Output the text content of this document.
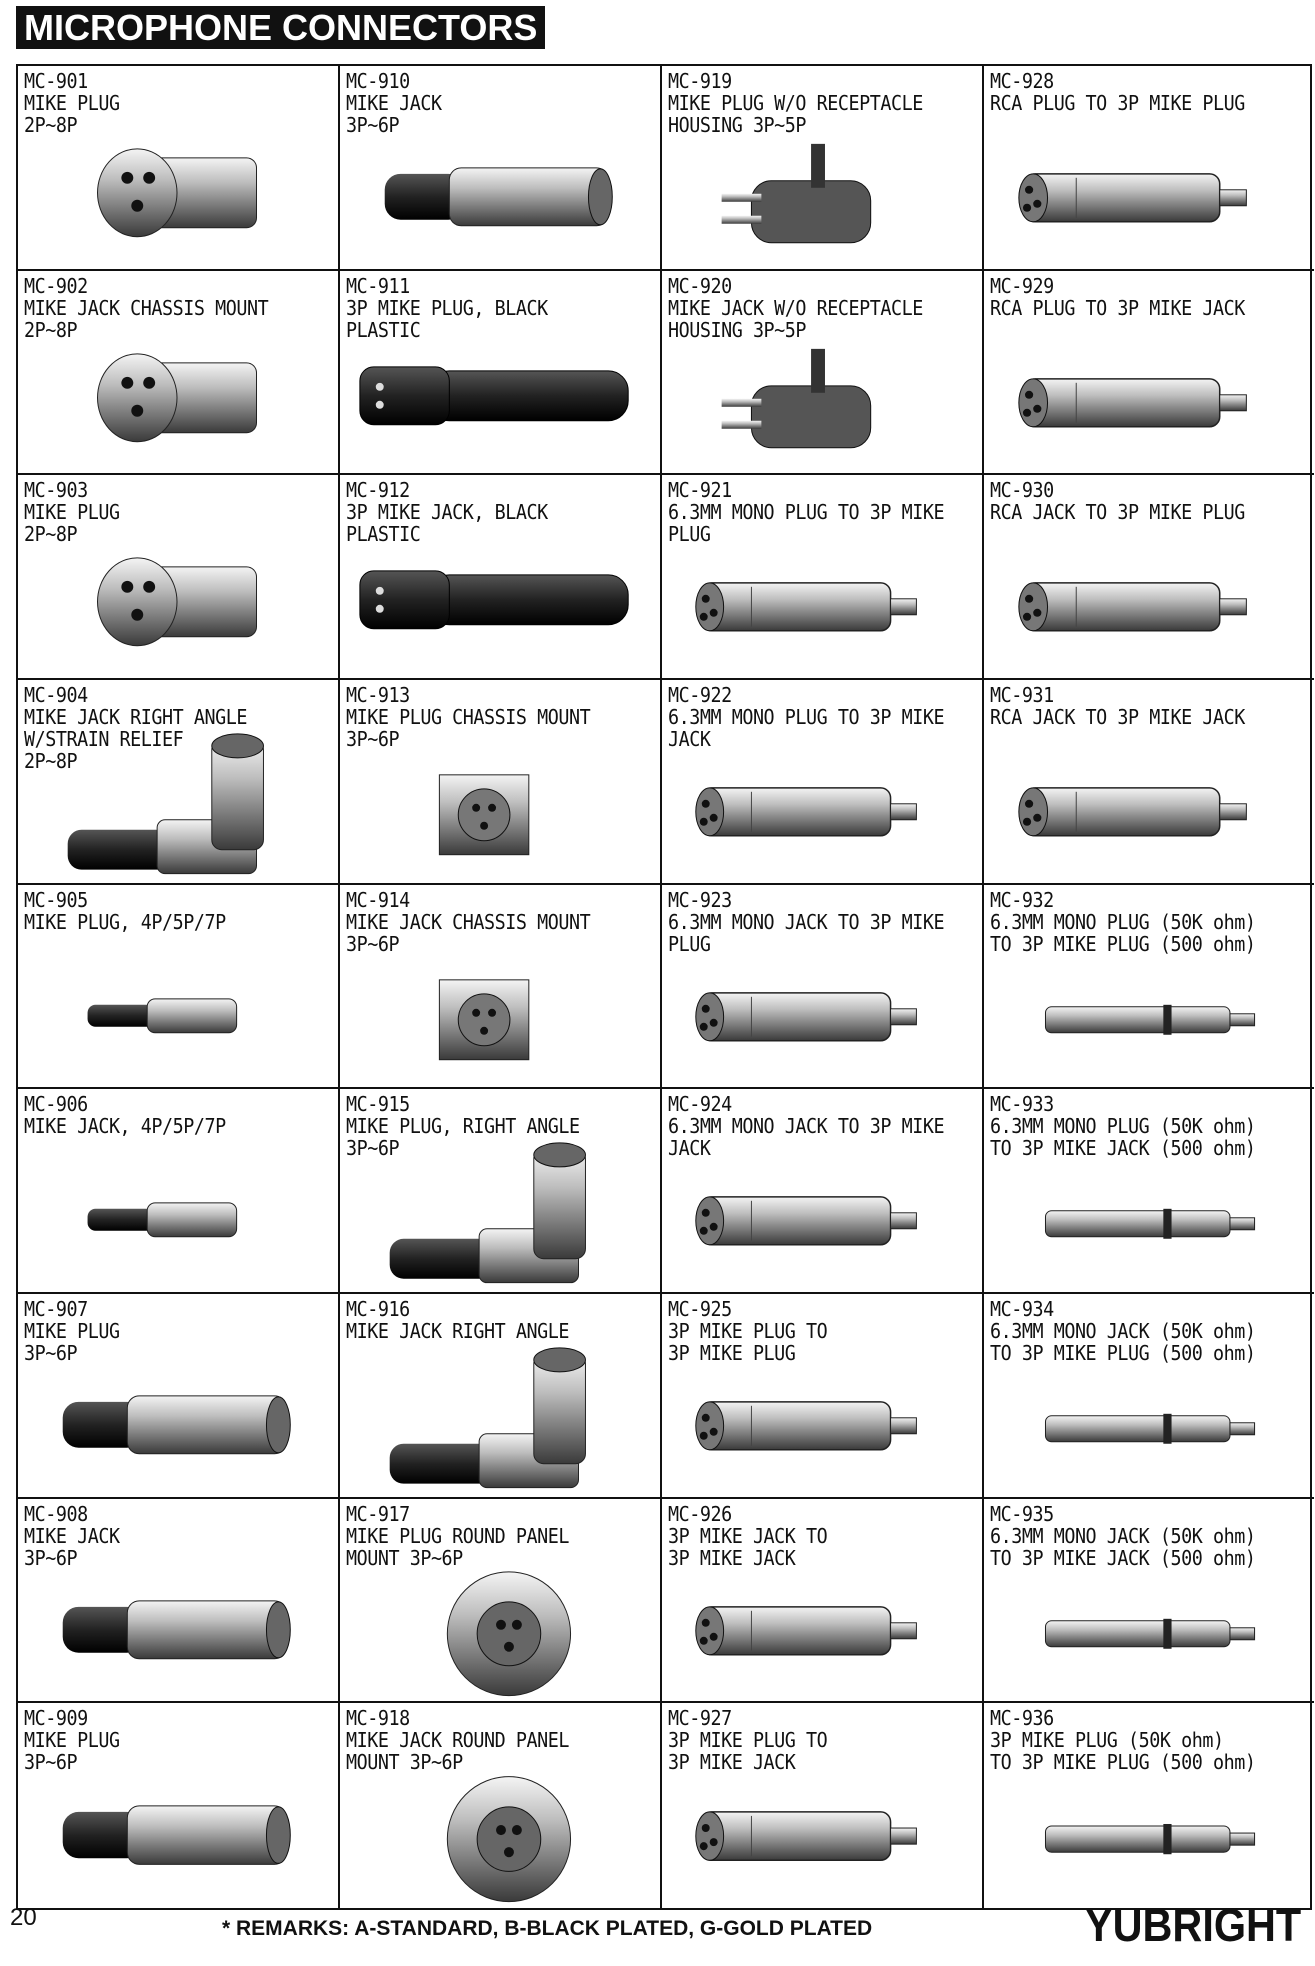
MICROPHONE CONNECTORS
MC-901
MIKE PLUG
2P~8P
MC-910
MIKE JACK
3P~6P
MC-919
MIKE PLUG W/O RECEPTACLE
HOUSING 3P~5P
MC-928
RCA PLUG TO 3P MIKE PLUG
MC-902
MIKE JACK CHASSIS MOUNT
2P~8P
MC-911
3P MIKE PLUG, BLACK
PLASTIC
MC-920
MIKE JACK W/O RECEPTACLE
HOUSING 3P~5P
MC-929
RCA PLUG TO 3P MIKE JACK
MC-903
MIKE PLUG
2P~8P
MC-912
3P MIKE JACK, BLACK
PLASTIC
MC-921
6.3MM MONO PLUG TO 3P MIKE
PLUG
MC-930
RCA JACK TO 3P MIKE PLUG
MC-904
MIKE JACK RIGHT ANGLE
W/STRAIN RELIEF
2P~8P
MC-913
MIKE PLUG CHASSIS MOUNT
3P~6P
MC-922
6.3MM MONO PLUG TO 3P MIKE
JACK
MC-931
RCA JACK TO 3P MIKE JACK
MC-905
MIKE PLUG, 4P/5P/7P
MC-914
MIKE JACK CHASSIS MOUNT
3P~6P
MC-923
6.3MM MONO JACK TO 3P MIKE
PLUG
MC-932
6.3MM MONO PLUG (50K ohm)
TO 3P MIKE PLUG (500 ohm)
MC-906
MIKE JACK, 4P/5P/7P
MC-915
MIKE PLUG, RIGHT ANGLE
3P~6P
MC-924
6.3MM MONO JACK TO 3P MIKE
JACK
MC-933
6.3MM MONO PLUG (50K ohm)
TO 3P MIKE JACK (500 ohm)
MC-907
MIKE PLUG
3P~6P
MC-916
MIKE JACK RIGHT ANGLE
MC-925
3P MIKE PLUG TO
3P MIKE PLUG
MC-934
6.3MM MONO JACK (50K ohm)
TO 3P MIKE PLUG (500 ohm)
MC-908
MIKE JACK
3P~6P
MC-917
MIKE PLUG ROUND PANEL
MOUNT 3P~6P
MC-926
3P MIKE JACK TO
3P MIKE JACK
MC-935
6.3MM MONO JACK (50K ohm)
TO 3P MIKE JACK (500 ohm)
MC-909
MIKE PLUG
3P~6P
MC-918
MIKE JACK ROUND PANEL
MOUNT 3P~6P
MC-927
3P MIKE PLUG TO
3P MIKE JACK
MC-936
3P MIKE PLUG (50K ohm)
TO 3P MIKE PLUG (500 ohm)
20	* REMARKS: A-STANDARD, B-BLACK PLATED, G-GOLD PLATED	YUBRIGHT
